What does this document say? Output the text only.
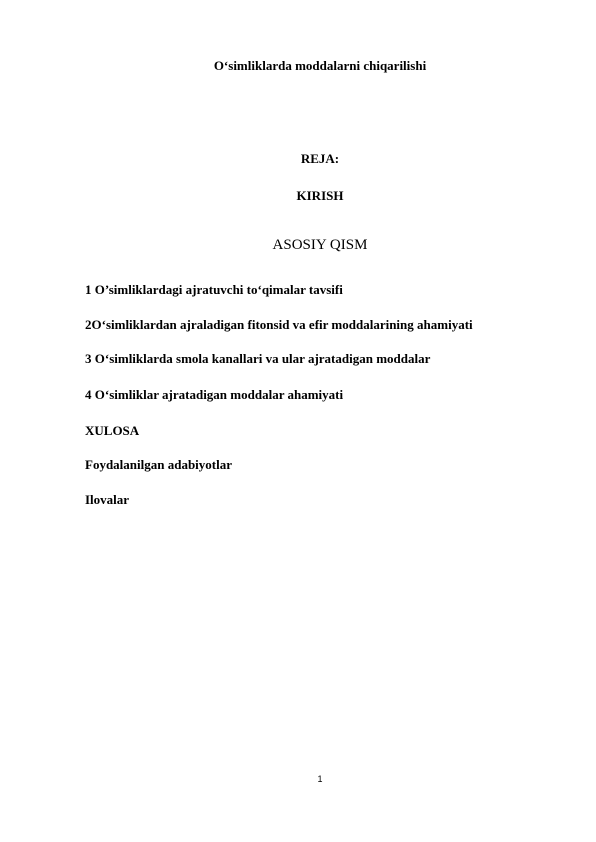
O‘simliklarda moddalarni chiqarilishi

REJA:

KIRISH

ASOSIY QISM

1 O’simliklardagi ajratuvchi to‘qimalar tavsifi

2O‘simliklardan ajraladigan fitonsid va efir moddalarining ahamiyati

3 O‘simliklarda smola kanallari va ular ajratadigan moddalar

4 O‘simliklar ajratadigan moddalar ahamiyati

XULOSA

Foydalanilgan adabiyotlar

Ilovalar

1
